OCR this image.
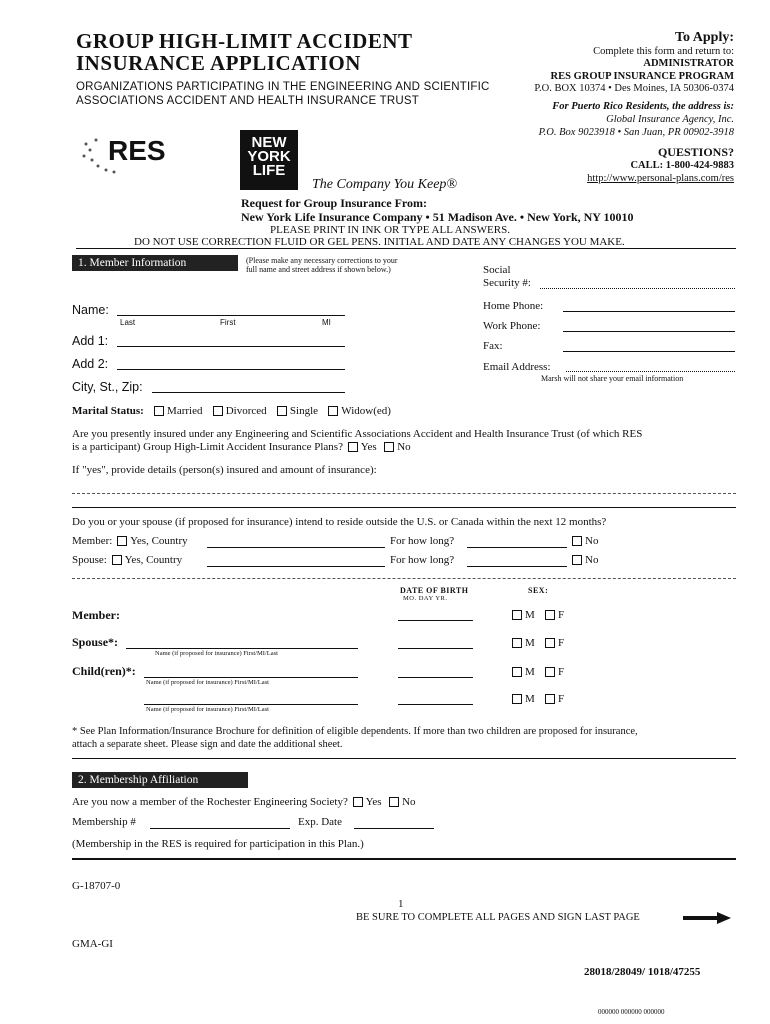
GROUP HIGH-LIMIT ACCIDENT
INSURANCE APPLICATION
ORGANIZATIONS PARTICIPATING IN THE ENGINEERING AND SCIENTIFIC
ASSOCIATIONS ACCIDENT AND HEALTH INSURANCE TRUST
To Apply:
Complete this form and return to:
ADMINISTRATOR
RES GROUP INSURANCE PROGRAM
P.O. BOX 10374 • Des Moines, IA 50306-0374
For Puerto Rico Residents, the address is:
Global Insurance Agency, Inc.
P.O. Box 9023918 • San Juan, PR 00902-3918
QUESTIONS?
CALL: 1-800-424-9883
http://www.personal-plans.com/res
RES	NEW
YORK
LIFE
The Company You Keep®
Request for Group Insurance From:
New York Life Insurance Company • 51 Madison Ave. • New York, NY 10010
PLEASE PRINT IN INK OR TYPE ALL ANSWERS.
DO NOT USE CORRECTION FLUID OR GEL PENS. INITIAL AND DATE ANY CHANGES YOU MAKE.
1. Member Information	(Please make any necessary corrections to your
full name and street address if shown below.)
Name:
Last	First	MI
Add 1:
Add 2:
City, St., Zip:
Social
Security #:
Home Phone:
Work Phone:
Fax:
Email Address:
Marsh will not share your email information
Marital Status: Married Divorced Single Widow(ed)
Are you presently insured under any Engineering and Scientific Associations Accident and Health Insurance Trust (of which RES
is a participant) Group High-Limit Accident Insurance Plans? Yes No
If "yes", provide details (person(s) insured and amount of insurance):
Do you or your spouse (if proposed for insurance) intend to reside outside the U.S. or Canada within the next 12 months?
Member: Yes, Country	For how long?	No
Spouse: Yes, Country	For how long?	No
DATE OF BIRTH
MO. DAY YR.
SEX:
Member:	M F
Spouse*:
Name (if proposed for insurance) First/MI/Last
M F
Child(ren)*:
Name (if proposed for insurance) First/MI/Last
M F
Name (if proposed for insurance) First/MI/Last
M F
* See Plan Information/Insurance Brochure for definition of eligible dependents. If more than two children are proposed for insurance,
attach a separate sheet. Please sign and date the additional sheet.
2. Membership Affiliation
Are you now a member of the Rochester Engineering Society? Yes No
Membership #	Exp. Date
(Membership in the RES is required for participation in this Plan.)
G-18707-0
1
BE SURE TO COMPLETE ALL PAGES AND SIGN LAST PAGE
GMA-GI
28018/28049/ 1018/47255
000000 000000 000000
